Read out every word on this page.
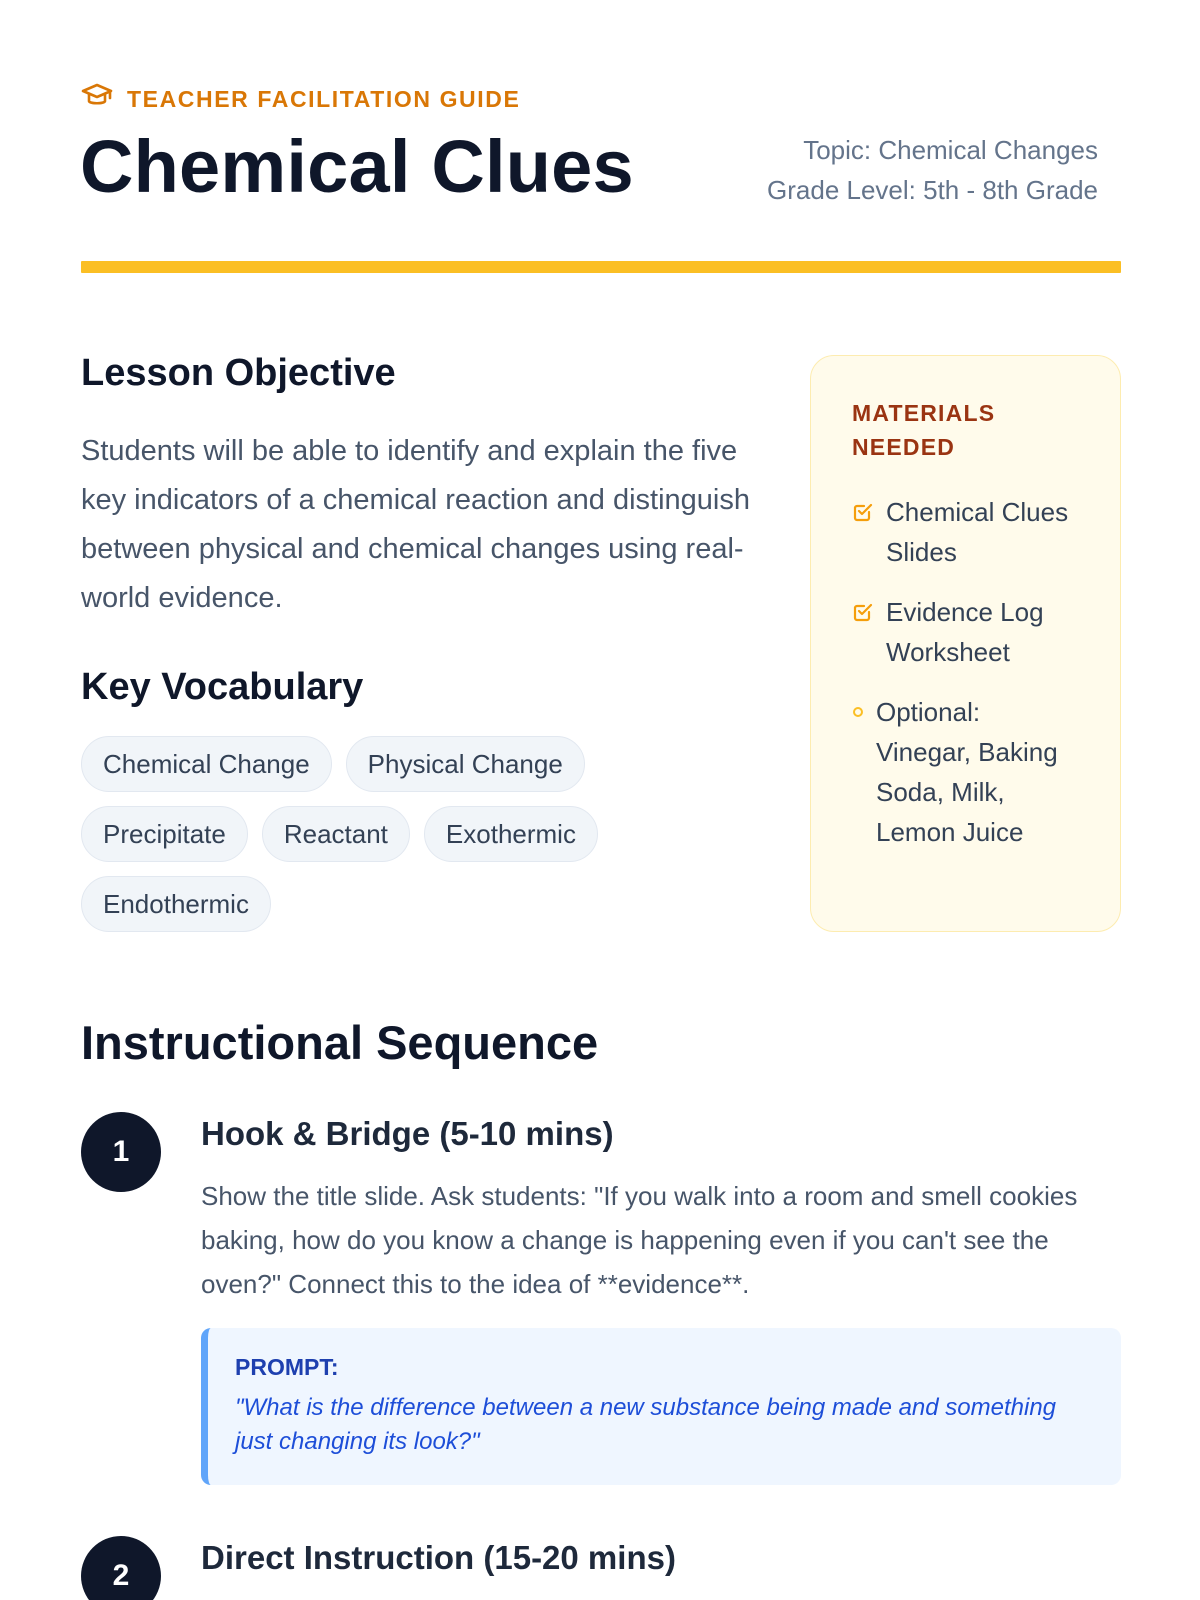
TEACHER FACILITATION GUIDE
Chemical Clues	Topic: Chemical Changes
Grade Level: 5th - 8th Grade
Lesson Objective

Students will be able to identify and explain the five key indicators of a chemical reaction and distinguish between physical and chemical changes using real-world evidence.

Key Vocabulary
Chemical Change	Physical Change
Precipitate	Reactant	Exothermic
Endothermic
MATERIALS NEEDED
Chemical Clues Slides
Evidence Log Worksheet
Optional: Vinegar, Baking Soda, Milk, Lemon Juice
Instructional Sequence
1	Hook & Bridge (5-10 mins)

Show the title slide. Ask students: "If you walk into a room and smell cookies baking, how do you know a change is happening even if you can't see the oven?" Connect this to the idea of **evidence**.

PROMPT:
"What is the difference between a new substance being made and something just changing its look?"
2	Direct Instruction (15-20 mins)
